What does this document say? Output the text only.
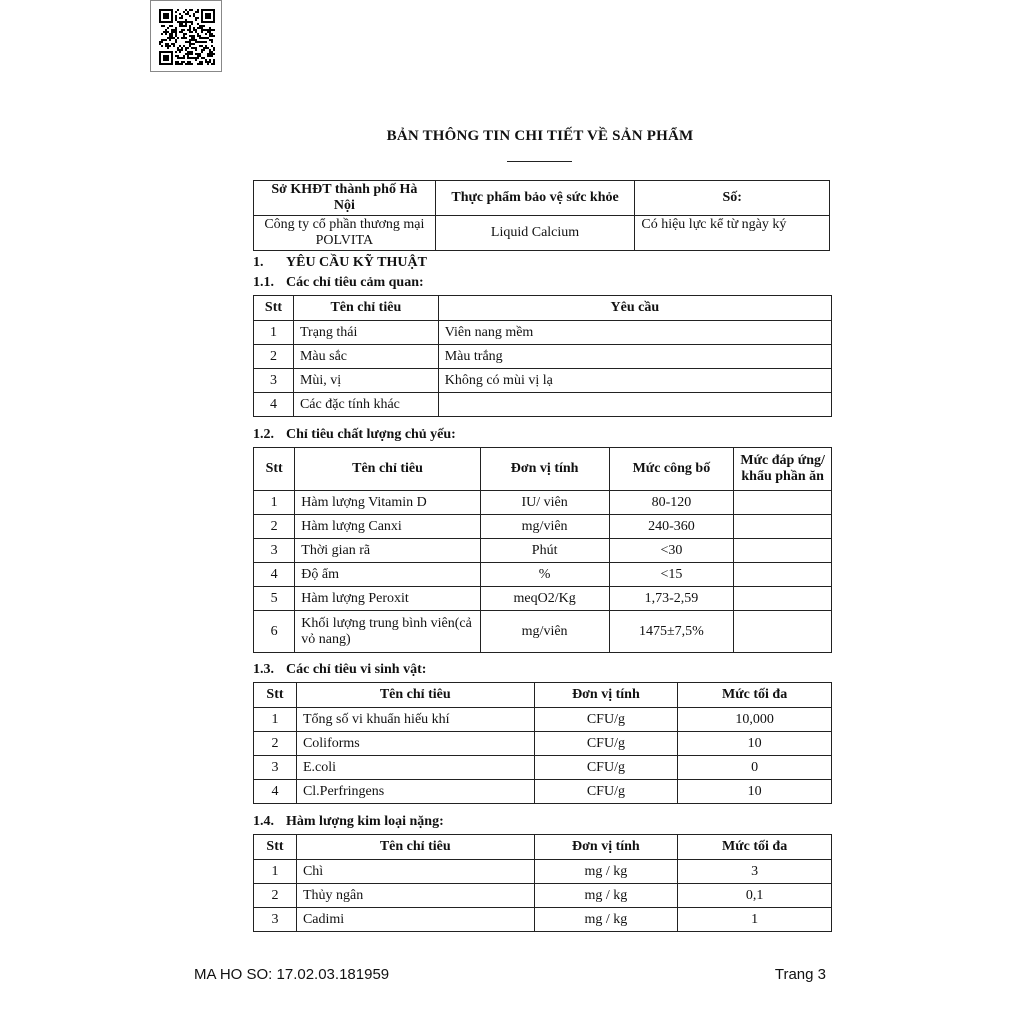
BẢN THÔNG TIN CHI TIẾT VỀ SẢN PHẨM
Sở KHĐT thành phố Hà Nội	Thực phẩm bảo vệ sức khỏe	Số:
Công ty cổ phần thương mại POLVITA	Liquid Calcium	Có hiệu lực kể từ ngày ký
1. YÊU CẦU KỸ THUẬT
1.1. Các chỉ tiêu cảm quan:
Stt	Tên chỉ tiêu	Yêu cầu
1	Trạng thái	Viên nang mềm
2	Màu sắc	Màu trắng
3	Mùi, vị	Không có mùi vị lạ
4	Các đặc tính khác	
1.2. Chỉ tiêu chất lượng chủ yếu:
Stt	Tên chỉ tiêu	Đơn vị tính	Mức công bố	Mức đáp ứng/ khẩu phần ăn
1	Hàm lượng Vitamin D	IU/ viên	80-120	
2	Hàm lượng Canxi	mg/viên	240-360	
3	Thời gian rã	Phút	<30	
4	Độ ẩm	%	<15	
5	Hàm lượng Peroxit	meqO2/Kg	1,73-2,59	
6	Khối lượng trung bình viên(cả vỏ nang)	mg/viên	1475±7,5%	
1.3. Các chỉ tiêu vi sinh vật:
Stt	Tên chỉ tiêu	Đơn vị tính	Mức tối đa
1	Tổng số vi khuẩn hiếu khí	CFU/g	10,000
2	Coliforms	CFU/g	10
3	E.coli	CFU/g	0
4	Cl.Perfringens	CFU/g	10
1.4. Hàm lượng kim loại nặng:
Stt	Tên chỉ tiêu	Đơn vị tính	Mức tối đa
1	Chì	mg / kg	3
2	Thủy ngân	mg / kg	0,1
3	Cadimi	mg / kg	1
MA HO SO: 17.02.03.181959	Trang 3
